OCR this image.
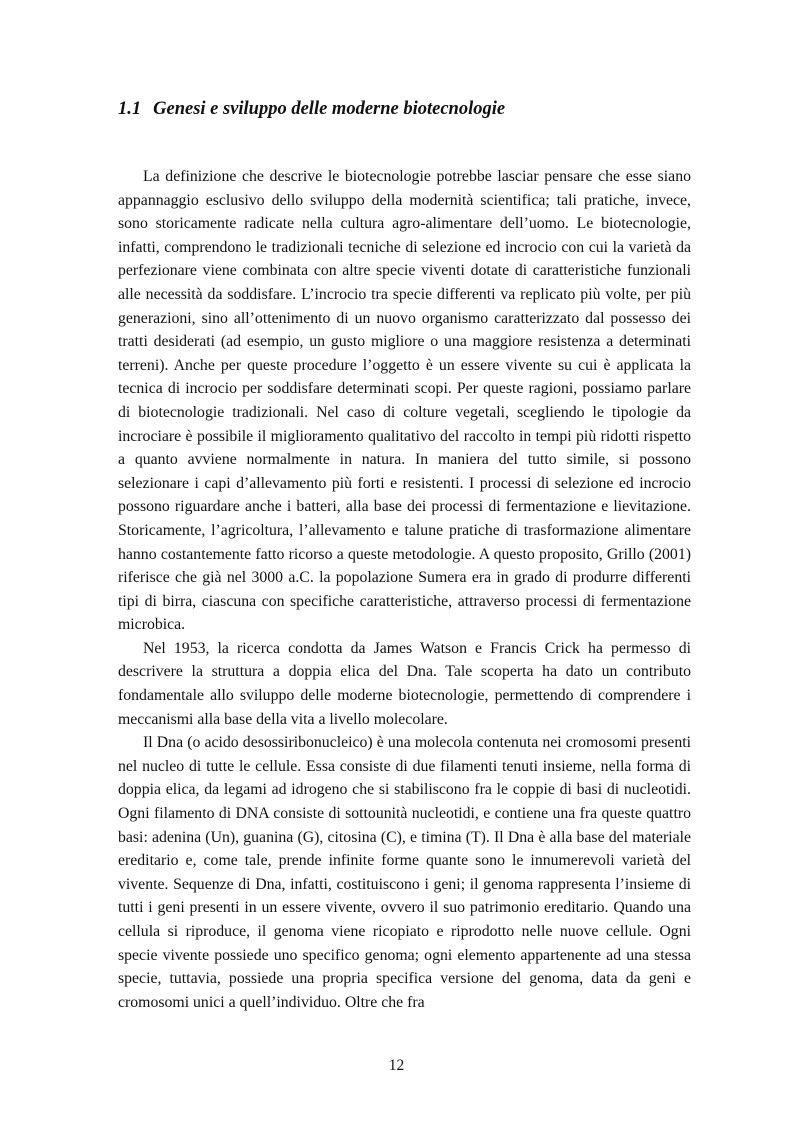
1.1 Genesi e sviluppo delle moderne biotecnologie

La definizione che descrive le biotecnologie potrebbe lasciar pensare che esse siano appannaggio esclusivo dello sviluppo della modernità scientifica; tali pratiche, invece, sono storicamente radicate nella cultura agro-alimentare dell’uomo. Le biotecnologie, infatti, comprendono le tradizionali tecniche di selezione ed incrocio con cui la varietà da perfezionare viene combinata con altre specie viventi dotate di caratteristiche funzionali alle necessità da soddisfare. L’incrocio tra specie differenti va replicato più volte, per più generazioni, sino all’ottenimento di un nuovo organismo caratterizzato dal possesso dei tratti desiderati (ad esempio, un gusto migliore o una maggiore resistenza a determinati terreni). Anche per queste procedure l’oggetto è un essere vivente su cui è applicata la tecnica di incrocio per soddisfare determinati scopi. Per queste ragioni, possiamo parlare di biotecnologie tradizionali. Nel caso di colture vegetali, scegliendo le tipologie da incrociare è possibile il miglioramento qualitativo del raccolto in tempi più ridotti rispetto a quanto avviene normalmente in natura. In maniera del tutto simile, si possono selezionare i capi d’allevamento più forti e resistenti. I processi di selezione ed incrocio possono riguardare anche i batteri, alla base dei processi di fermentazione e lievitazione. Storicamente, l’agricoltura, l’allevamento e talune pratiche di trasformazione alimentare hanno costantemente fatto ricorso a queste metodologie. A questo proposito, Grillo (2001) riferisce che già nel 3000 a.C. la popolazione Sumera era in grado di produrre differenti tipi di birra, ciascuna con specifiche caratteristiche, attraverso processi di fermentazione microbica.

Nel 1953, la ricerca condotta da James Watson e Francis Crick ha permesso di descrivere la struttura a doppia elica del Dna. Tale scoperta ha dato un contributo fondamentale allo sviluppo delle moderne biotecnologie, permettendo di comprendere i meccanismi alla base della vita a livello molecolare.

Il Dna (o acido desossiribonucleico) è una molecola contenuta nei cromosomi presenti nel nucleo di tutte le cellule. Essa consiste di due filamenti tenuti insieme, nella forma di doppia elica, da legami ad idrogeno che si stabiliscono fra le coppie di basi di nucleotidi. Ogni filamento di DNA consiste di sottounità nucleotidi, e contiene una fra queste quattro basi: adenina (Un), guanina (G), citosina (C), e timina (T). Il Dna è alla base del materiale ereditario e, come tale, prende infinite forme quante sono le innumerevoli varietà del vivente. Sequenze di Dna, infatti, costituiscono i geni; il genoma rappresenta l’insieme di tutti i geni presenti in un essere vivente, ovvero il suo patrimonio ereditario. Quando una cellula si riproduce, il genoma viene ricopiato e riprodotto nelle nuove cellule. Ogni specie vivente possiede uno specifico genoma; ogni elemento appartenente ad una stessa specie, tuttavia, possiede una propria specifica versione del genoma, data da geni e cromosomi unici a quell’individuo. Oltre che fra

12
